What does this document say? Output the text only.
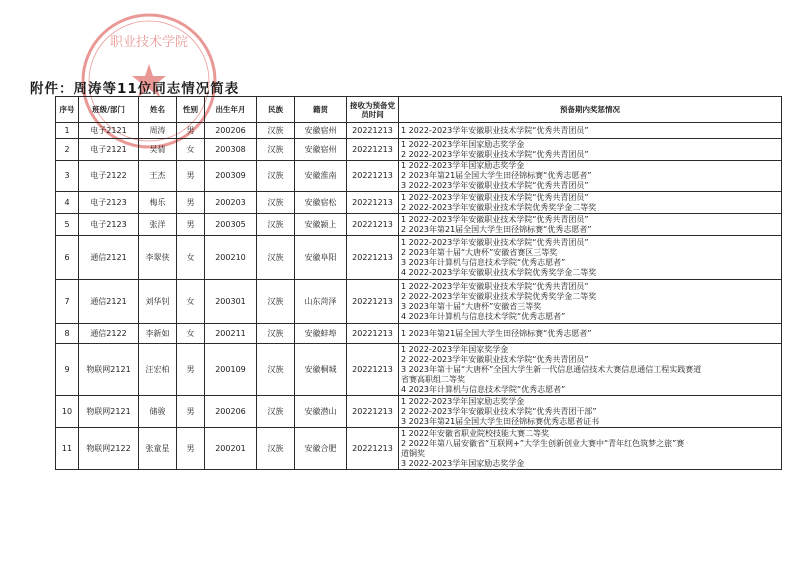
职业技术学院
附件：周涛等11位同志情况简表
序号	班级/部门	姓名	性别	出生年月	民族	籍贯	接收为预备党员时间	预备期内奖惩情况
1	电子2121	周涛	男	200206	汉族	安徽宿州	20221213	1 2022-2023学年安徽职业技术学院“优秀共青团员”

2	电子2121	吴倩	女	200308	汉族	安徽宿州	20221213	1 2022-2023学年国家励志奖学金
2 2022-2023学年安徽职业技术学院“优秀共青团员”

3	电子2122	王杰	男	200309	汉族	安徽淮南	20221213	1 2022-2023学年国家励志奖学金
2 2023年第21届全国大学生田径锦标赛“优秀志愿者”
3 2022-2023学年安徽职业技术学院“优秀共青团员”

4	电子2123	梅乐	男	200203	汉族	安徽宿松	20221213	1 2022-2023学年安徽职业技术学院“优秀共青团员”
2 2022-2023学年安徽职业技术学院优秀奖学金二等奖

5	电子2123	张洋	男	200305	汉族	安徽颍上	20221213	1 2022-2023学年安徽职业技术学院“优秀共青团员”
2 2023年第21届全国大学生田径锦标赛“优秀志愿者”

6	通信2121	李翠侠	女	200210	汉族	安徽阜阳	20221213	1 2022-2023学年安徽职业技术学院“优秀共青团员”
2 2023年第十届“大唐杯”安徽省赛区三等奖
3 2023年计算机与信息技术学院“优秀志愿者”
4 2022-2023学年安徽职业技术学院优秀奖学金二等奖

7	通信2121	刘华钊	女	200301	汉族	山东菏泽	20221213	1 2022-2023学年安徽职业技术学院“优秀共青团员”
2 2022-2023学年安徽职业技术学院优秀奖学金二等奖
3 2023年第十届“大唐杯”安徽省三等奖
4 2023年计算机与信息技术学院“优秀志愿者”

8	通信2122	李新如	女	200211	汉族	安徽蚌埠	20221213	1 2023年第21届全国大学生田径锦标赛“优秀志愿者”

9	物联网2121	汪宏柏	男	200109	汉族	安徽桐城	20221213	1 2022-2023学年国家奖学金
2 2022-2023学年安徽职业技术学院“优秀共青团员”
3 2023年第十届“大唐杯”全国大学生新一代信息通信技术大赛信息通信工程实践赛道
省赛高职组二等奖
4 2023年计算机与信息技术学院“优秀志愿者”

10	物联网2121	储骏	男	200206	汉族	安徽潜山	20221213	1 2022-2023学年国家励志奖学金
2 2022-2023学年安徽职业技术学院“优秀共青团干部”
3 2023年第21届全国大学生田径锦标赛优秀志愿者证书

11	物联网2122	张童星	男	200201	汉族	安徽合肥	20221213	1 2022年安徽省职业院校技能大赛二等奖
2 2022年第八届安徽省“互联网+”大学生创新创业大赛中“青年红色筑梦之旅”赛
道铜奖
3 2022-2023学年国家励志奖学金
